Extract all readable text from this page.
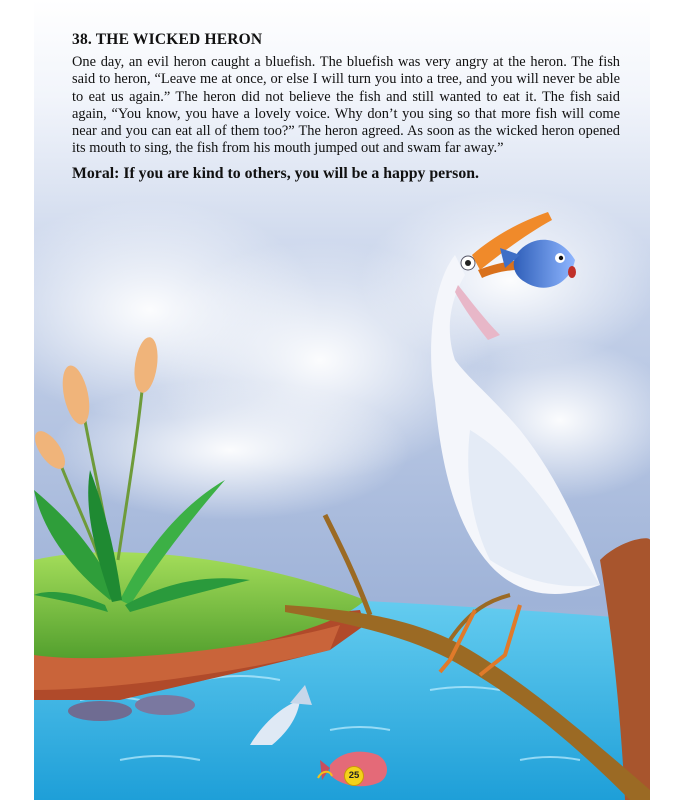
38. THE WICKED HERON

One day, an evil heron caught a bluefish. The bluefish was very angry at the heron. The fish said to heron, “Leave me at once, or else I will turn you into a tree, and you will never be able to eat us again.” The heron did not believe the fish and still wanted to eat it. The fish said again, “You know, you have a lovely voice. Why don’t you sing so that more fish will come near and you can eat all of them too?” The heron agreed. As soon as the wicked heron opened its mouth to sing, the fish from his mouth jumped out and swam far away.”

Moral: If you are kind to others, you will be a happy person.
25
